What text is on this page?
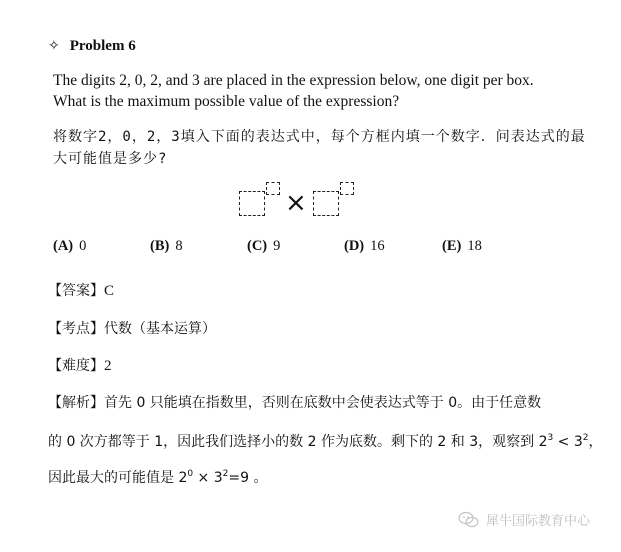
✧ Problem 6
The digits 2, 0, 2, and 3 are placed in the expression below, one digit per box.
What is the maximum possible value of the expression?
将数字2，0，2，3填入下面的表达式中，每个方框内填一个数字．问表达式的最
大可能值是多少?
×
(A) 0	(B) 8	(C) 9	(D) 16	(E) 18
【答案】C
【考点】代数（基本运算）
【难度】2
【解析】首先 0 只能填在指数里，否则在底数中会使表达式等于 0。由于任意数
的 0 次方都等于 1，因此我们选择小的数 2 作为底数。剩下的 2 和 3，观察到 $2^3 < 3^2$，
因此最大的可能值是 $2^0 \times 3^2=9$ 。
犀牛国际教育中心
